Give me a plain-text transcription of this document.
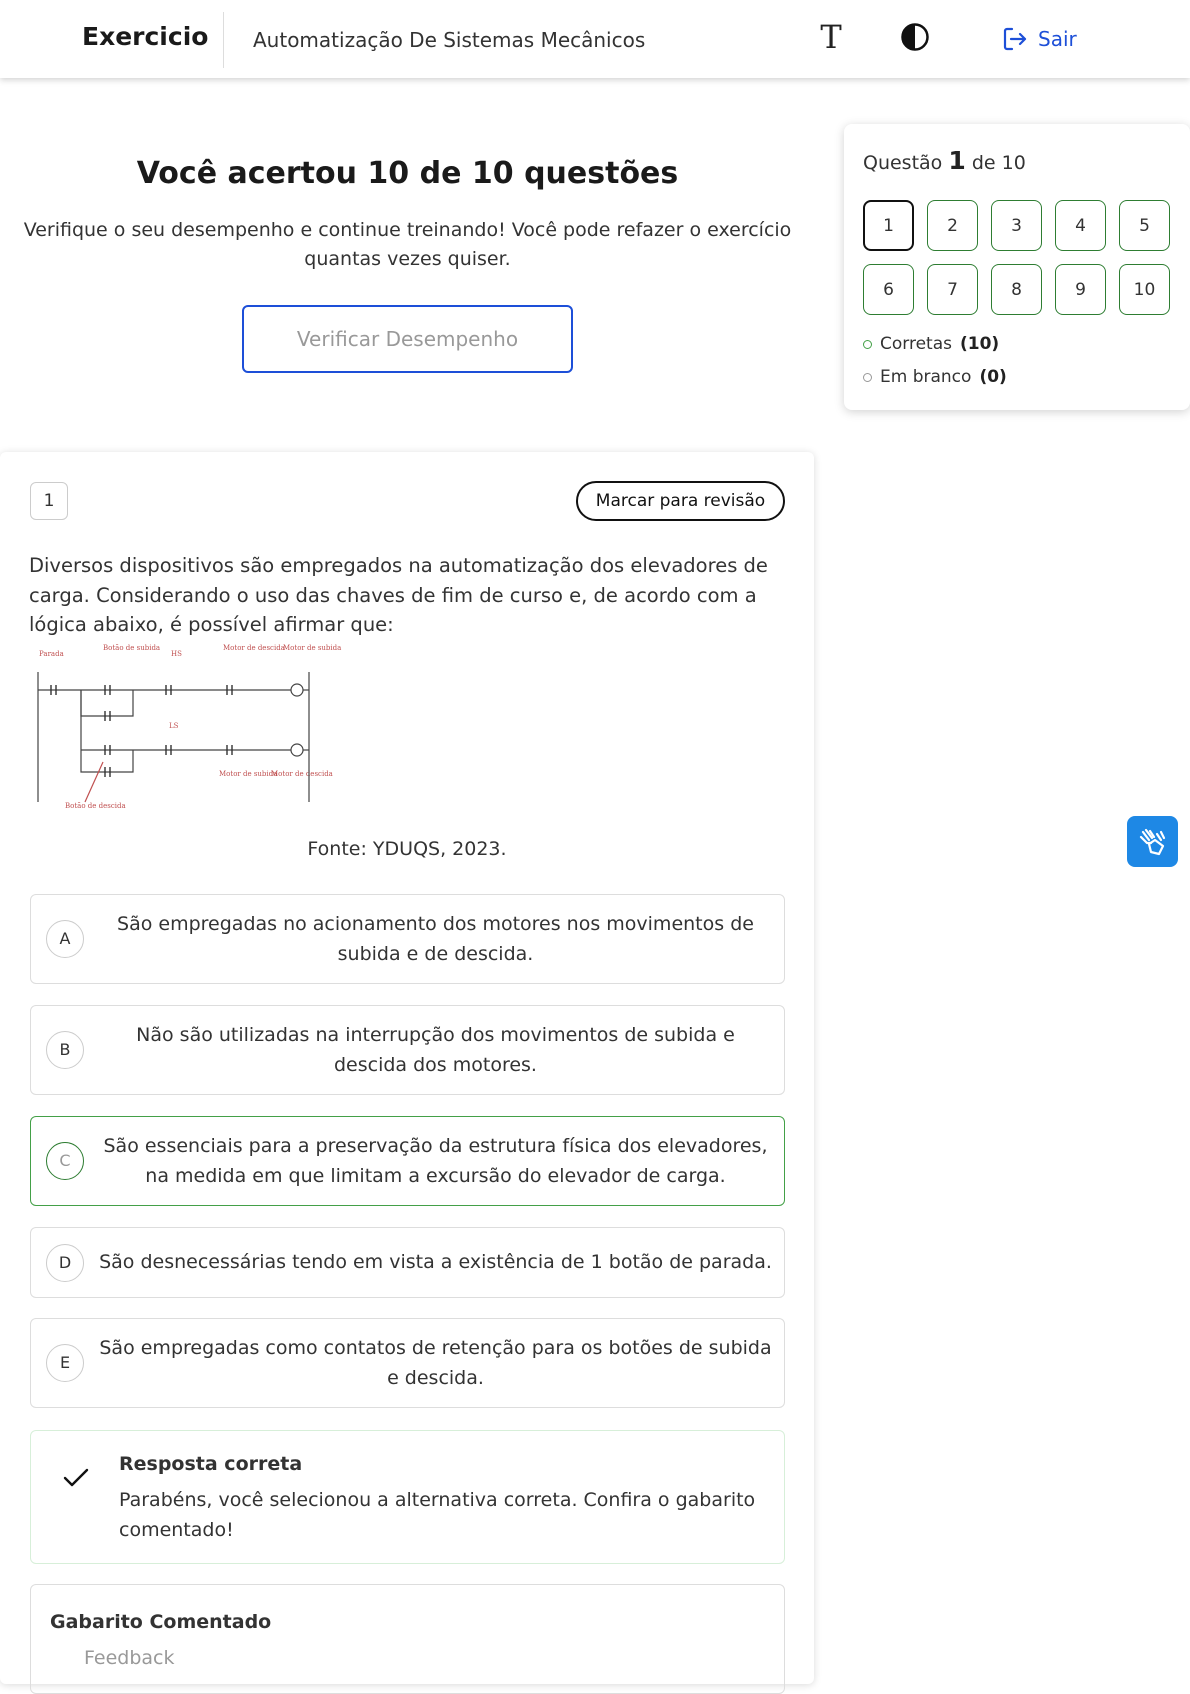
Exercicio Automatização De Sistemas Mecânicos	T	Sair
Você acertou 10 de 10 questões
Verifique o seu desempenho e continue treinando! Você pode refazer o exercício quantas vezes quiser.
Verificar Desempenho
Questão 1 de 10
1	2	3	4	5
6	7	8	9	10
Corretas (10)
Em branco (0)
1	Marcar para revisão
Diversos dispositivos são empregados na automatização dos elevadores de carga. Considerando o uso das chaves de fim de curso e, de acordo com a lógica abaixo, é possível afirmar que:
Parada
Botão de subida
HS
Motor de descida
Motor de subida
LS
Motor de subida
Motor de descida
Botão de descida
Fonte: YDUQS, 2023.
A
São empregadas no acionamento dos motores nos movimentos de subida e de descida.
B
Não são utilizadas na interrupção dos movimentos de subida e descida dos motores.
C
São essenciais para a preservação da estrutura física dos elevadores, na medida em que limitam a excursão do elevador de carga.
D	São desnecessárias tendo em vista a existência de 1 botão de parada.
E
São empregadas como contatos de retenção para os botões de subida e descida.
Resposta correta
Parabéns, você selecionou a alternativa correta. Confira o gabarito comentado!
Gabarito Comentado
Feedback
